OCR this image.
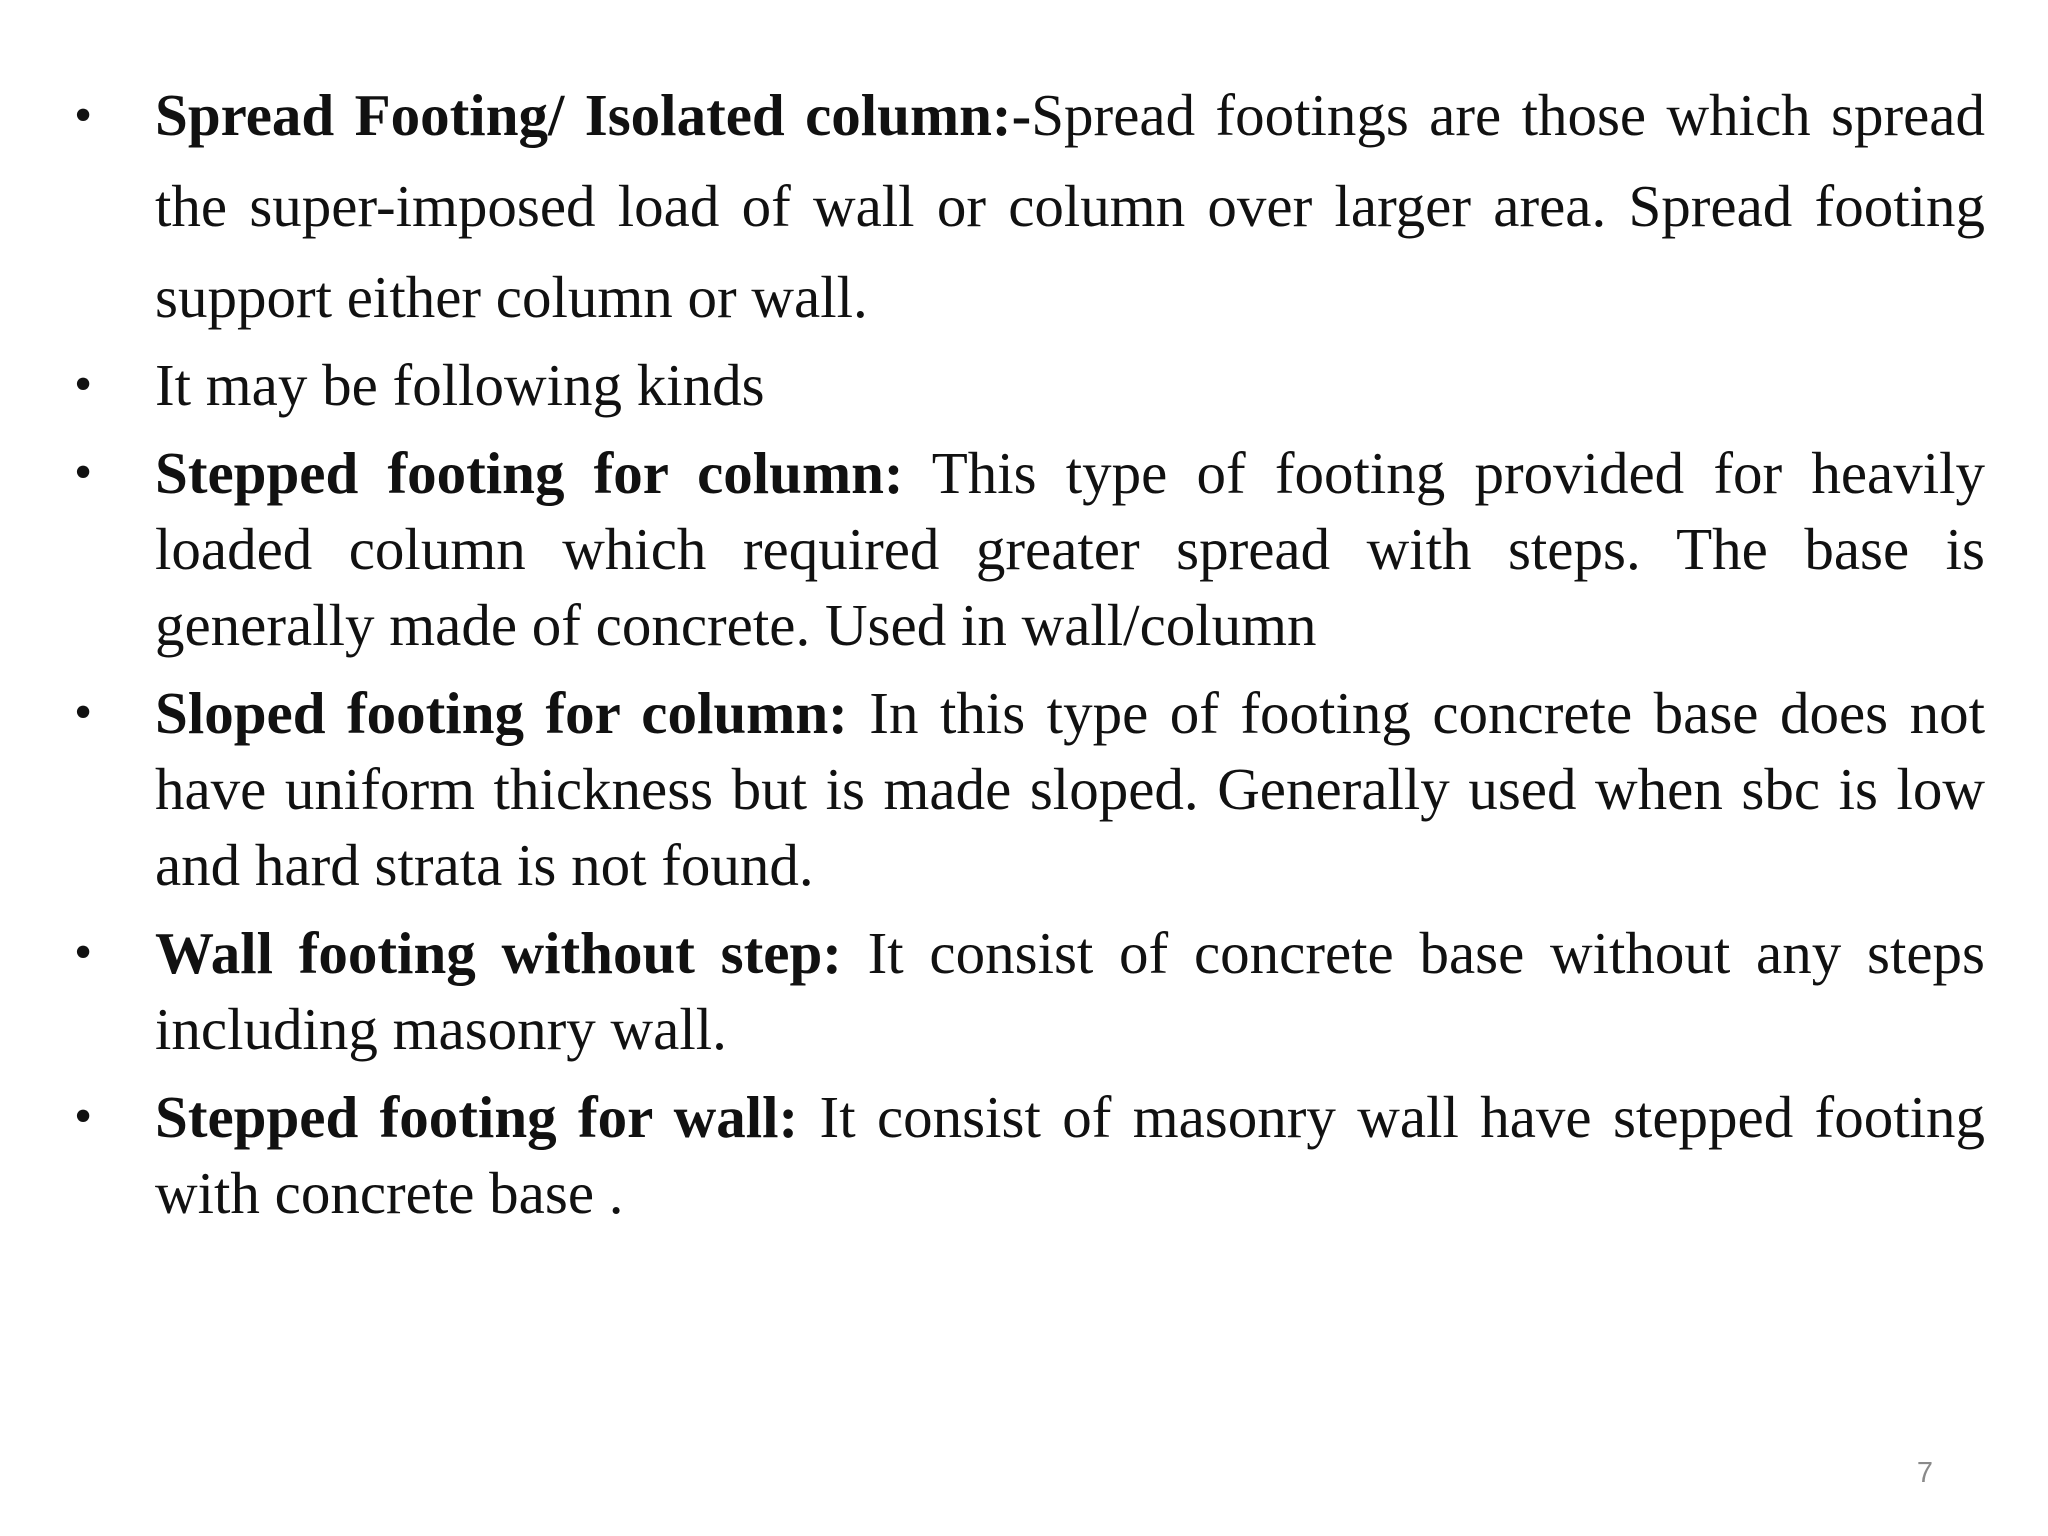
• Spread Footing/ Isolated column:-Spread footings are those which spread the super-imposed load of wall or column over larger area. Spread footing support either column or wall.
• It may be following kinds
• Stepped footing for column: This type of footing provided for heavily loaded column which required greater spread with steps. The base is generally made of concrete. Used in wall/column
• Sloped footing for column: In this type of footing concrete base does not have uniform thickness but is made sloped. Generally used when sbc is low and hard strata is not found.
• Wall footing without step: It consist of concrete base without any steps including masonry wall.
• Stepped footing for wall: It consist of masonry wall have stepped footing with concrete base .
7
